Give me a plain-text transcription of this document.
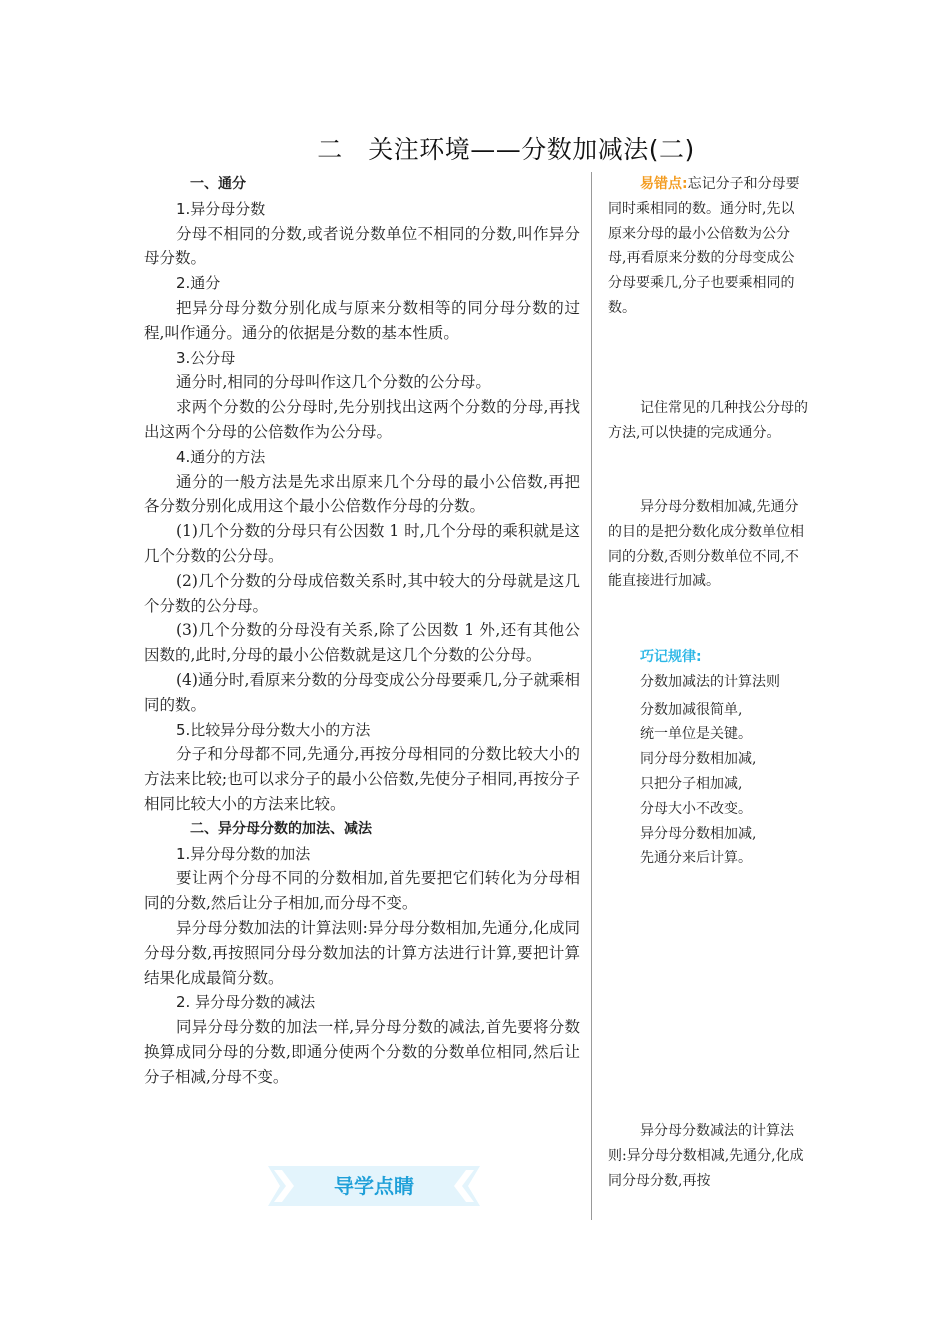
二　关注环境——分数加减法(二)

一、通分

1.异分母分数

分母不相同的分数,或者说分数单位不相同的分数,叫作异分母分数。

2.通分

把异分母分数分别化成与原来分数相等的同分母分数的过程,叫作通分。通分的依据是分数的基本性质。

3.公分母

通分时,相同的分母叫作这几个分数的公分母。

求两个分数的公分母时,先分别找出这两个分数的分母,再找出这两个分母的公倍数作为公分母。

4.通分的方法

通分的一般方法是先求出原来几个分母的最小公倍数,再把各分数分别化成用这个最小公倍数作分母的分数。

(1)几个分数的分母只有公因数 1 时,几个分母的乘积就是这几个分数的公分母。

(2)几个分数的分母成倍数关系时,其中较大的分母就是这几个分数的公分母。

(3)几个分数的分母没有关系,除了公因数 1 外,还有其他公因数的,此时,分母的最小公倍数就是这几个分数的公分母。

(4)通分时,看原来分数的分母变成公分母要乘几,分子就乘相同的数。

5.比较异分母分数大小的方法

分子和分母都不同,先通分,再按分母相同的分数比较大小的方法来比较;也可以求分子的最小公倍数,先使分子相同,再按分子相同比较大小的方法来比较。

二、异分母分数的加法、减法

1.异分母分数的加法

要让两个分母不同的分数相加,首先要把它们转化为分母相同的分数,然后让分子相加,而分母不变。

异分母分数加法的计算法则:异分母分数相加,先通分,化成同分母分数,再按照同分母分数加法的计算方法进行计算,要把计算结果化成最简分数。

2. 异分母分数的减法

同异分母分数的加法一样,异分母分数的减法,首先要将分数换算成同分母的分数,即通分使两个分数的分数单位相同,然后让分子相减,分母不变。

易错点:忘记分子和分母要同时乘相同的数。通分时,先以原来分母的最小公倍数为公分母,再看原来分数的分母变成公分母要乘几,分子也要乘相同的数。

记住常见的几种找公分母的方法,可以快捷的完成通分。

异分母分数相加减,先通分的目的是把分数化成分数单位相同的分数,否则分数单位不同,不能直接进行加减。

巧记规律:

分数加减法的计算法则

分数加减很简单,

统一单位是关键。

同分母分数相加减,

只把分子相加减,

分母大小不改变。

异分母分数相加减,

先通分来后计算。

异分母分数减法的计算法则:异分母分数相减,先通分,化成同分母分数,再按

导学点睛
